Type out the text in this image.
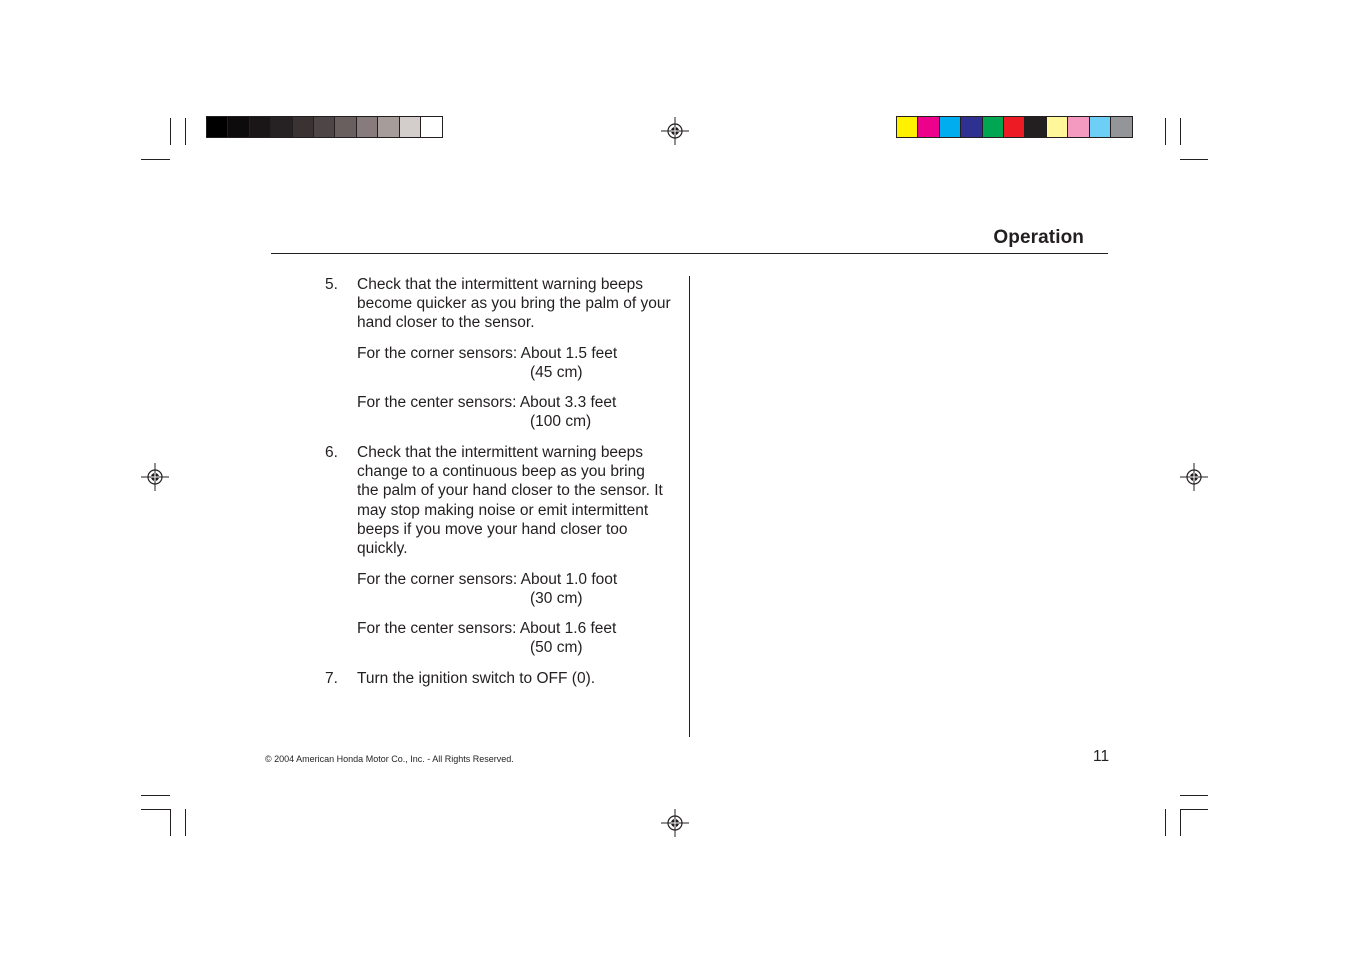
Operation
5. Check that the intermittent warning beeps become quicker as you bring the palm of your hand closer to the sensor.
For the corner sensors: About 1.5 feet
(45 cm)
For the center sensors: About 3.3 feet
(100 cm)
6. Check that the intermittent warning beeps change to a continuous beep as you bring the palm of your hand closer to the sensor. It may stop making noise or emit intermittent beeps if you move your hand closer too quickly.
For the corner sensors: About 1.0 foot
(30 cm)
For the center sensors: About 1.6 feet
(50 cm)
7. Turn the ignition switch to OFF (0).
© 2004 American Honda Motor Co., Inc. - All Rights Reserved.	11
